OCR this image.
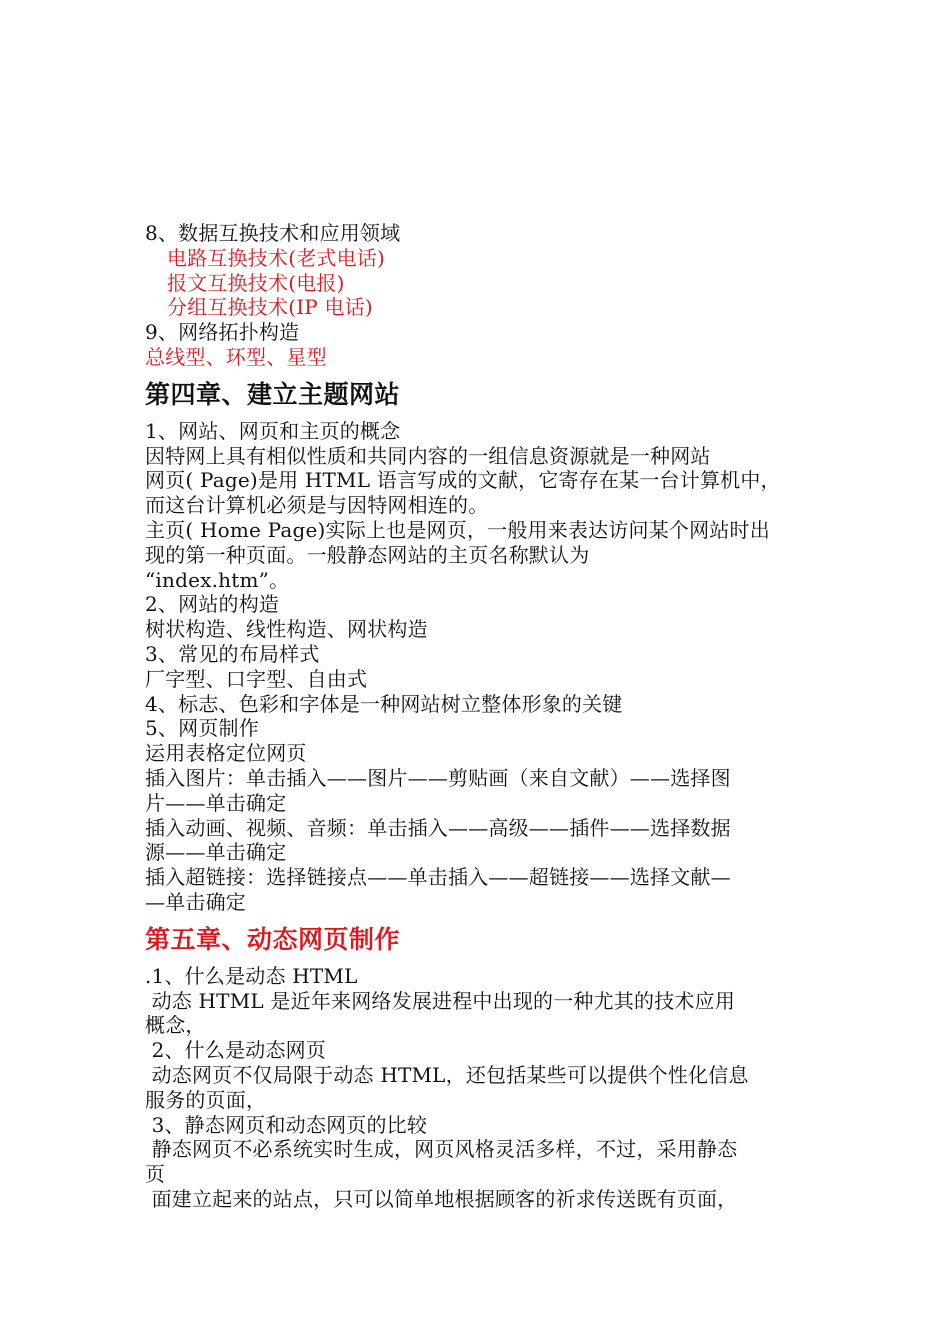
8、数据互换技术和应用领域
电路互换技术(老式电话)
报文互换技术(电报)
分组互换技术(IP 电话)
9、网络拓扑构造
总线型、环型、星型
第四章、建立主题网站
1、网站、网页和主页的概念
因特网上具有相似性质和共同内容的一组信息资源就是一种网站
网页( Page)是用 HTML 语言写成的文献，它寄存在某一台计算机中，
而这台计算机必须是与因特网相连的。
主页( Home Page)实际上也是网页，一般用来表达访问某个网站时出
现的第一种页面。一般静态网站的主页名称默认为
“index.htm”。
2、网站的构造
树状构造、线性构造、网状构造
3、常见的布局样式
厂字型、口字型、自由式
4、标志、色彩和字体是一种网站树立整体形象的关键
5、网页制作
运用表格定位网页
插入图片：单击插入——图片——剪贴画（来自文献）——选择图
片——单击确定
插入动画、视频、音频：单击插入——高级——插件——选择数据
源——单击确定
插入超链接：选择链接点——单击插入——超链接——选择文献—
—单击确定
第五章、动态网页制作
.1、什么是动态 HTML
动态 HTML 是近年来网络发展进程中出现的一种尤其的技术应用
概念，
2、什么是动态网页
动态网页不仅局限于动态 HTML，还包括某些可以提供个性化信息
服务的页面，
3、静态网页和动态网页的比较
静态网页不必系统实时生成，网页风格灵活多样，不过，采用静态
页
面建立起来的站点，只可以简单地根据顾客的祈求传送既有页面，
